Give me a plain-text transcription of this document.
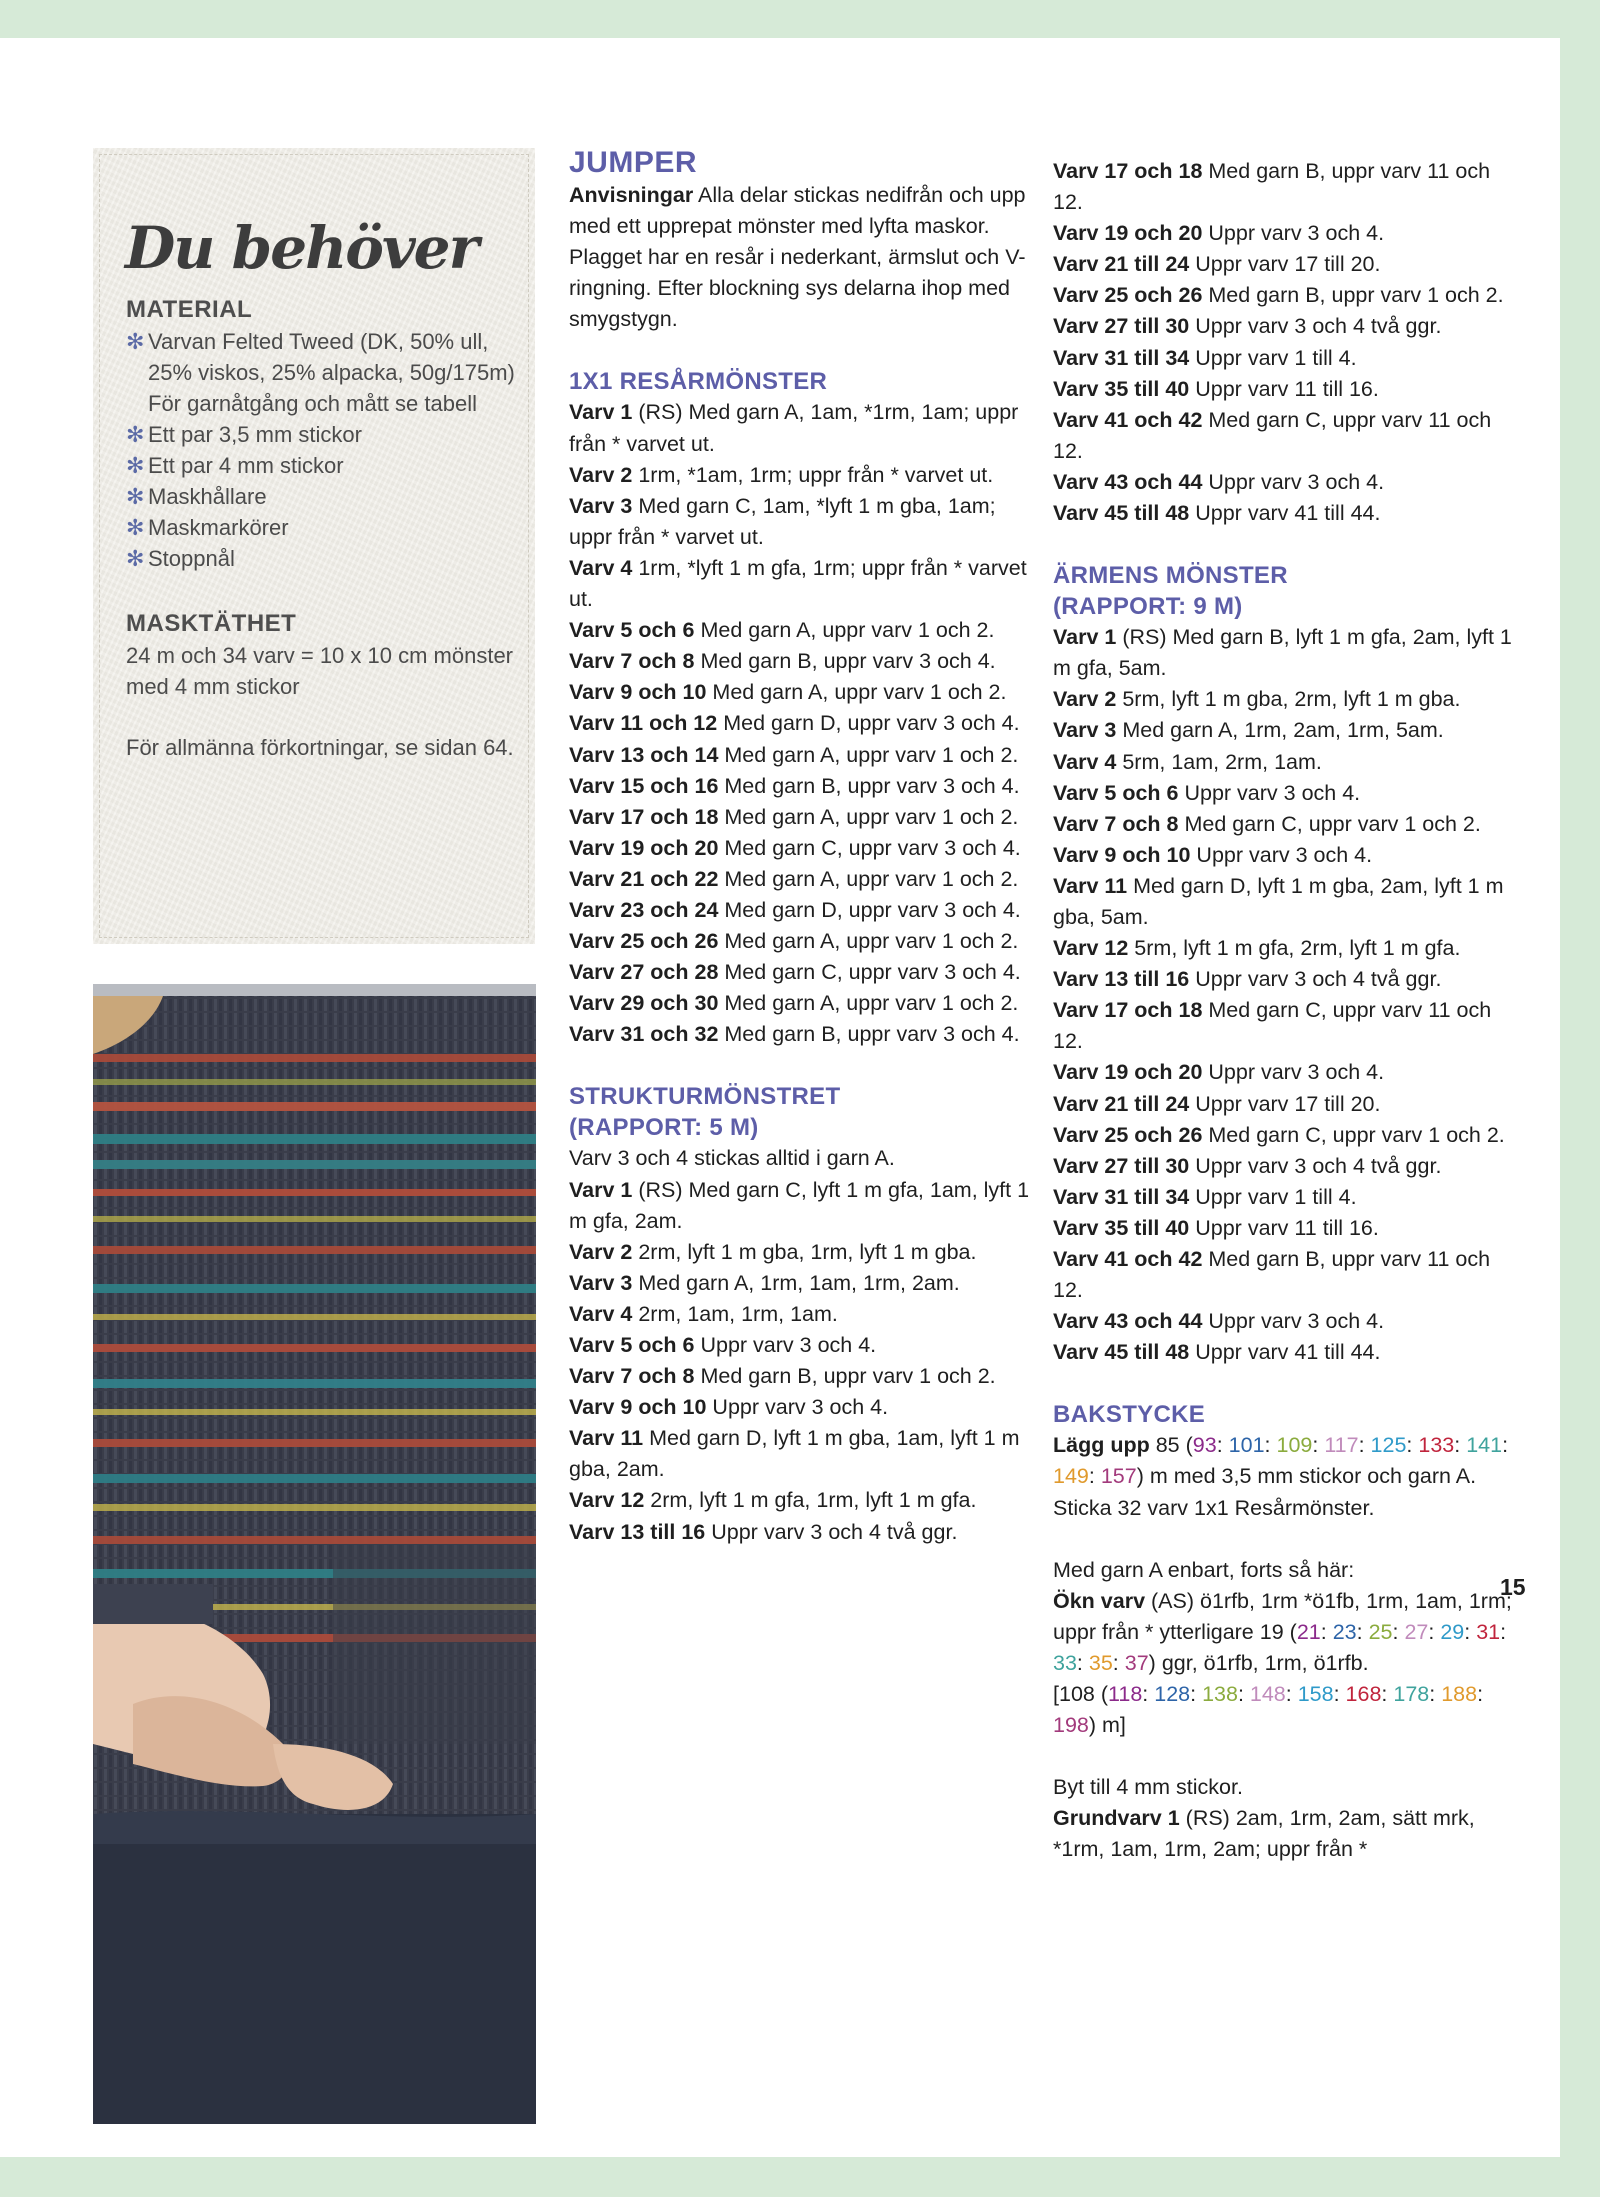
Du behöver

MATERIAL

✻ Varvan Felted Tweed (DK, 50% ull, 25% viskos, 25% alpacka, 50g/175m) För garnåtgång och mått se tabell
✻ Ett par 3,5 mm stickor
✻ Ett par 4 mm stickor
✻ Maskhållare
✻ Maskmarkörer
✻ Stoppnål

MASKTÄTHET

24 m och 34 varv = 10 x 10 cm mönster med 4 mm stickor

För allmänna förkortningar, se sidan 64.

JUMPER

Anvisningar Alla delar stickas nedifrån och upp med ett upprepat mönster med lyfta maskor. Plagget har en resår i nederkant, ärmslut och V-ringning. Efter blockning sys delarna ihop med smygstygn.

1X1 RESÅRMÖNSTER

Varv 1 (RS) Med garn A, 1am, *1rm, 1am; uppr från * varvet ut.

Varv 2 1rm, *1am, 1rm; uppr från * varvet ut.

Varv 3 Med garn C, 1am, *lyft 1 m gba, 1am; uppr från * varvet ut.

Varv 4 1rm, *lyft 1 m gfa, 1rm; uppr från * varvet ut.

Varv 5 och 6 Med garn A, uppr varv 1 och 2.

Varv 7 och 8 Med garn B, uppr varv 3 och 4.

Varv 9 och 10 Med garn A, uppr varv 1 och 2.

Varv 11 och 12 Med garn D, uppr varv 3 och 4.

Varv 13 och 14 Med garn A, uppr varv 1 och 2.

Varv 15 och 16 Med garn B, uppr varv 3 och 4.

Varv 17 och 18 Med garn A, uppr varv 1 och 2.

Varv 19 och 20 Med garn C, uppr varv 3 och 4.

Varv 21 och 22 Med garn A, uppr varv 1 och 2.

Varv 23 och 24 Med garn D, uppr varv 3 och 4.

Varv 25 och 26 Med garn A, uppr varv 1 och 2.

Varv 27 och 28 Med garn C, uppr varv 3 och 4.

Varv 29 och 30 Med garn A, uppr varv 1 och 2.

Varv 31 och 32 Med garn B, uppr varv 3 och 4.

STRUKTURMÖNSTRET

(RAPPORT: 5 M)

Varv 3 och 4 stickas alltid i garn A.

Varv 1 (RS) Med garn C, lyft 1 m gfa, 1am, lyft 1 m gfa, 2am.

Varv 2 2rm, lyft 1 m gba, 1rm, lyft 1 m gba.

Varv 3 Med garn A, 1rm, 1am, 1rm, 2am.

Varv 4 2rm, 1am, 1rm, 1am.

Varv 5 och 6 Uppr varv 3 och 4.

Varv 7 och 8 Med garn B, uppr varv 1 och 2.

Varv 9 och 10 Uppr varv 3 och 4.

Varv 11 Med garn D, lyft 1 m gba, 1am, lyft 1 m gba, 2am.

Varv 12 2rm, lyft 1 m gfa, 1rm, lyft 1 m gfa.

Varv 13 till 16 Uppr varv 3 och 4 två ggr.

Varv 17 och 18 Med garn B, uppr varv 11 och 12.

Varv 19 och 20 Uppr varv 3 och 4.

Varv 21 till 24 Uppr varv 17 till 20.

Varv 25 och 26 Med garn B, uppr varv 1 och 2.

Varv 27 till 30 Uppr varv 3 och 4 två ggr.

Varv 31 till 34 Uppr varv 1 till 4.

Varv 35 till 40 Uppr varv 11 till 16.

Varv 41 och 42 Med garn C, uppr varv 11 och 12.

Varv 43 och 44 Uppr varv 3 och 4.

Varv 45 till 48 Uppr varv 41 till 44.

ÄRMENS MÖNSTER

(RAPPORT: 9 M)

Varv 1 (RS) Med garn B, lyft 1 m gfa, 2am, lyft 1 m gfa, 5am.

Varv 2 5rm, lyft 1 m gba, 2rm, lyft 1 m gba.

Varv 3 Med garn A, 1rm, 2am, 1rm, 5am.

Varv 4 5rm, 1am, 2rm, 1am.

Varv 5 och 6 Uppr varv 3 och 4.

Varv 7 och 8 Med garn C, uppr varv 1 och 2.

Varv 9 och 10 Uppr varv 3 och 4.

Varv 11 Med garn D, lyft 1 m gba, 2am, lyft 1 m gba, 5am.

Varv 12 5rm, lyft 1 m gfa, 2rm, lyft 1 m gfa.

Varv 13 till 16 Uppr varv 3 och 4 två ggr.

Varv 17 och 18 Med garn C, uppr varv 11 och 12.

Varv 19 och 20 Uppr varv 3 och 4.

Varv 21 till 24 Uppr varv 17 till 20.

Varv 25 och 26 Med garn C, uppr varv 1 och 2.

Varv 27 till 30 Uppr varv 3 och 4 två ggr.

Varv 31 till 34 Uppr varv 1 till 4.

Varv 35 till 40 Uppr varv 11 till 16.

Varv 41 och 42 Med garn B, uppr varv 11 och 12.

Varv 43 och 44 Uppr varv 3 och 4.

Varv 45 till 48 Uppr varv 41 till 44.

BAKSTYCKE

Lägg upp 85 (93: 101: 109: 117: 125: 133: 141: 149: 157) m med 3,5 mm stickor och garn A.

Sticka 32 varv 1x1 Resårmönster.

Med garn A enbart, forts så här:

Ökn varv (AS) ö1rfb, 1rm *ö1fb, 1rm, 1am, 1rm; uppr från * ytterligare 19 (21: 23: 25: 27: 29: 31: 33: 35: 37) ggr, ö1rfb, 1rm, ö1rfb.

[108 (118: 128: 138: 148: 158: 168: 178: 188: 198) m]

Byt till 4 mm stickor.

Grundvarv 1 (RS) 2am, 1rm, 2am, sätt mrk, *1rm, 1am, 1rm, 2am; uppr från *

15
